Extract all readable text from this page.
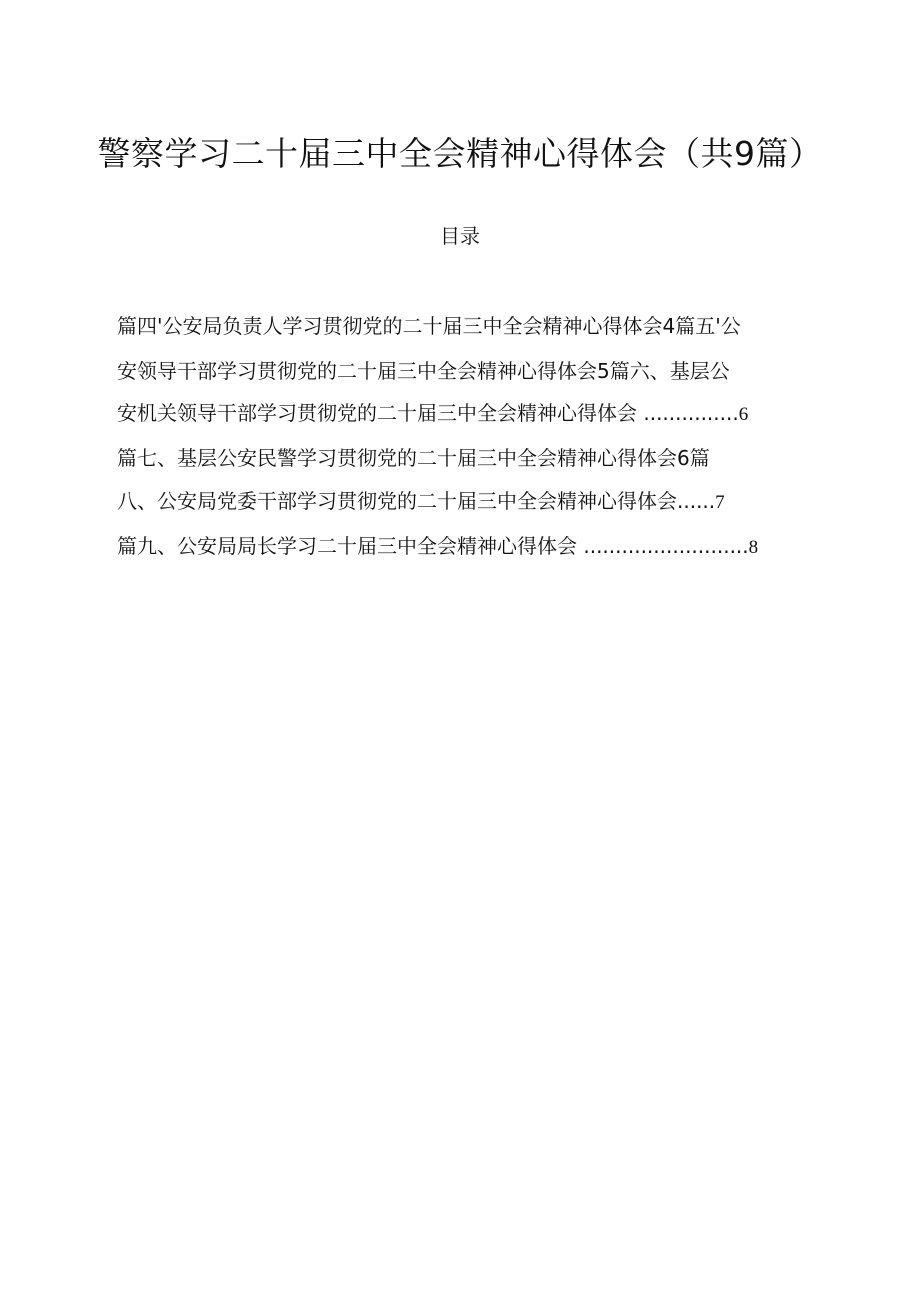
警察学习二十届三中全会精神心得体会（共9篇）
目录
篇四'公安局负责人学习贯彻党的二十届三中全会精神心得体会4篇五'公
安领导干部学习贯彻党的二十届三中全会精神心得体会5篇六、基层公
安机关领导干部学习贯彻党的二十届三中全会精神心得体会 ...............6
篇七、基层公安民警学习贯彻党的二十届三中全会精神心得体会6篇
八、公安局党委干部学习贯彻党的二十届三中全会精神心得体会......7
篇九、公安局局长学习二十届三中全会精神心得体会 ..........................8
